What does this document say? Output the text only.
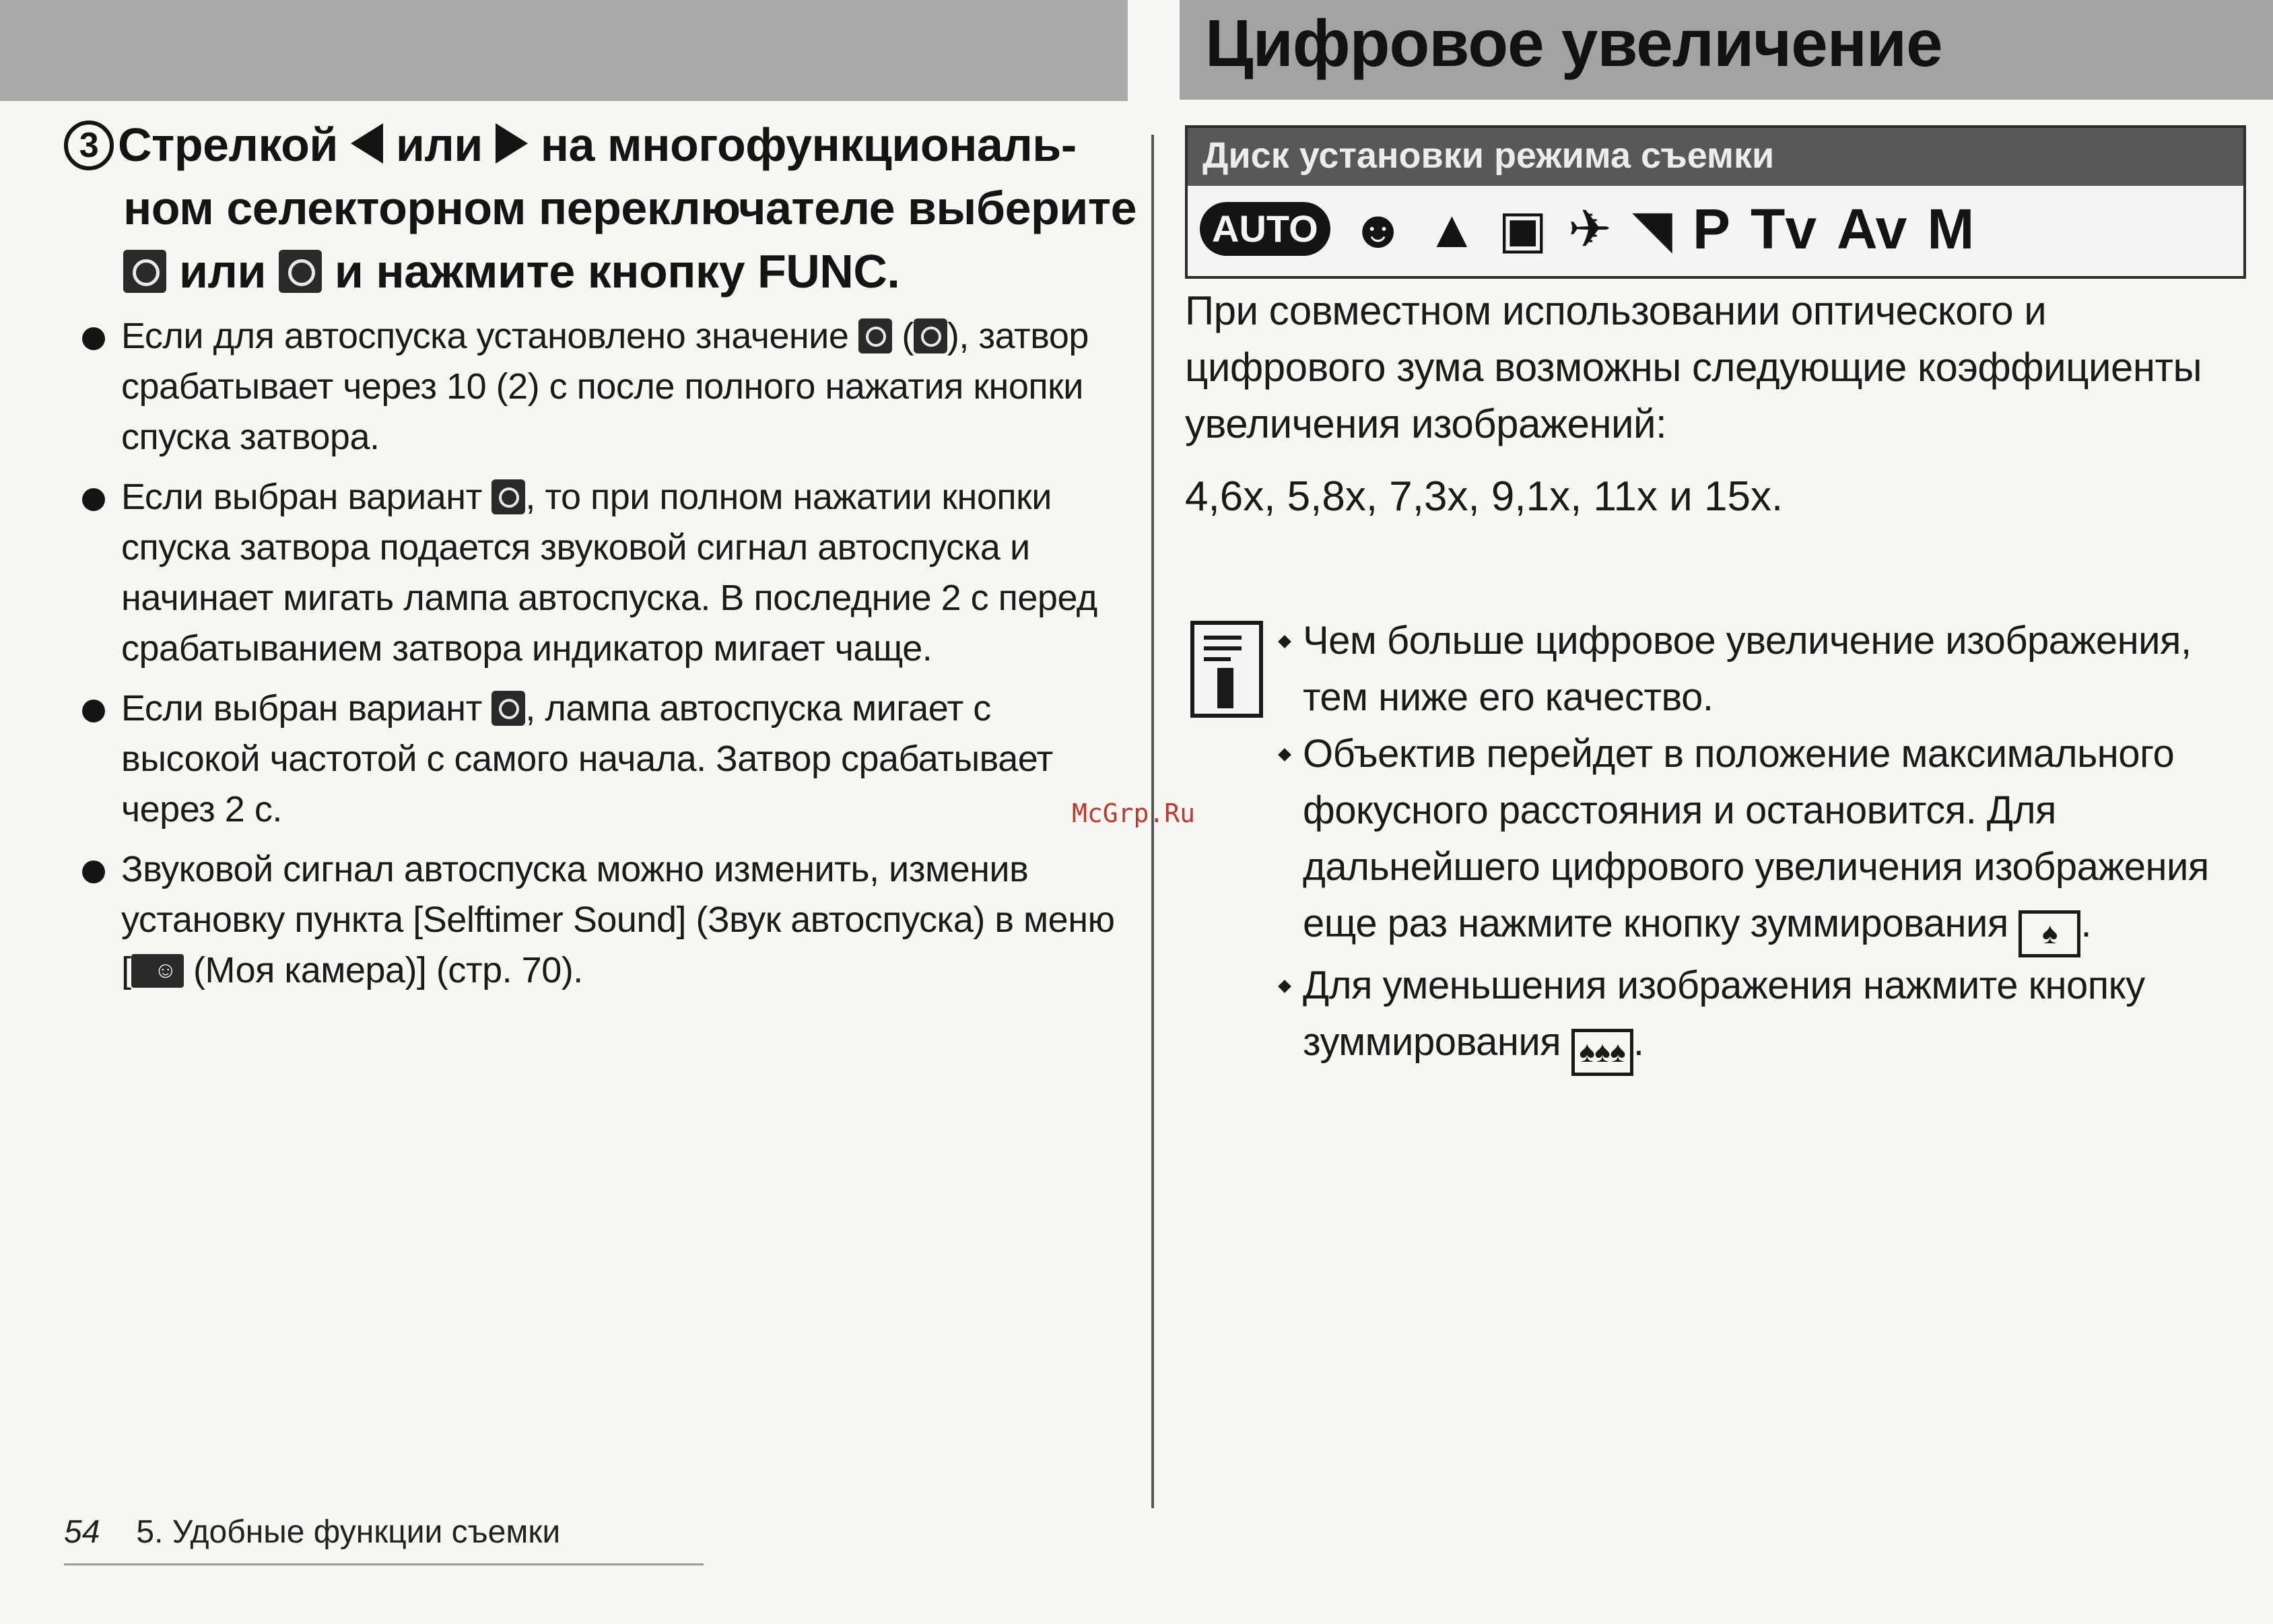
Цифровое увеличение
3 Стрелкой или на многофункциональ-
ном селекторном переключателе выберите
или и нажмите кнопку FUNC.
Если для автоспуска установлено значение ( ), затвор срабатывает через 10 (2) с после полного нажатия кнопки спуска затвора.
Если выбран вариант , то при полном нажатии кнопки спуска затвора подается звуковой сигнал автоспуска и начинает мигать лампа автоспуска. В последние 2 с перед срабатыванием затвора индикатор мигает чаще.
Если выбран вариант , лампа автоспуска мигает с высокой частотой с самого начала. Затвор срабатывает через 2 с.
Звуковой сигнал автоспуска можно изменить, изменив установку пункта [Selftimer Sound] (Звук автоспуска) в меню [☺ (Моя камера)] (стр. 70).
54 5. Удобные функции съемки
Диск установки режима съемки
AUTO ☻ ▲ ▣ ✈ ◥ P Tv Av M
При совместном использовании оптического и цифрового зума возможны следующие коэффициенты увеличения изображений:
4,6x, 5,8x, 7,3x, 9,1x, 11x и 15x.
Чем больше цифровое увеличение изображения, тем ниже его качество.
Объектив перейдет в положение максимального фокусного расстояния и остановится. Для дальнейшего цифрового увеличения изображения еще раз нажмите кнопку зуммирования ♠ .
Для уменьшения изображения нажмите кнопку зуммирования ♠♠♠ .
McGrp.Ru
